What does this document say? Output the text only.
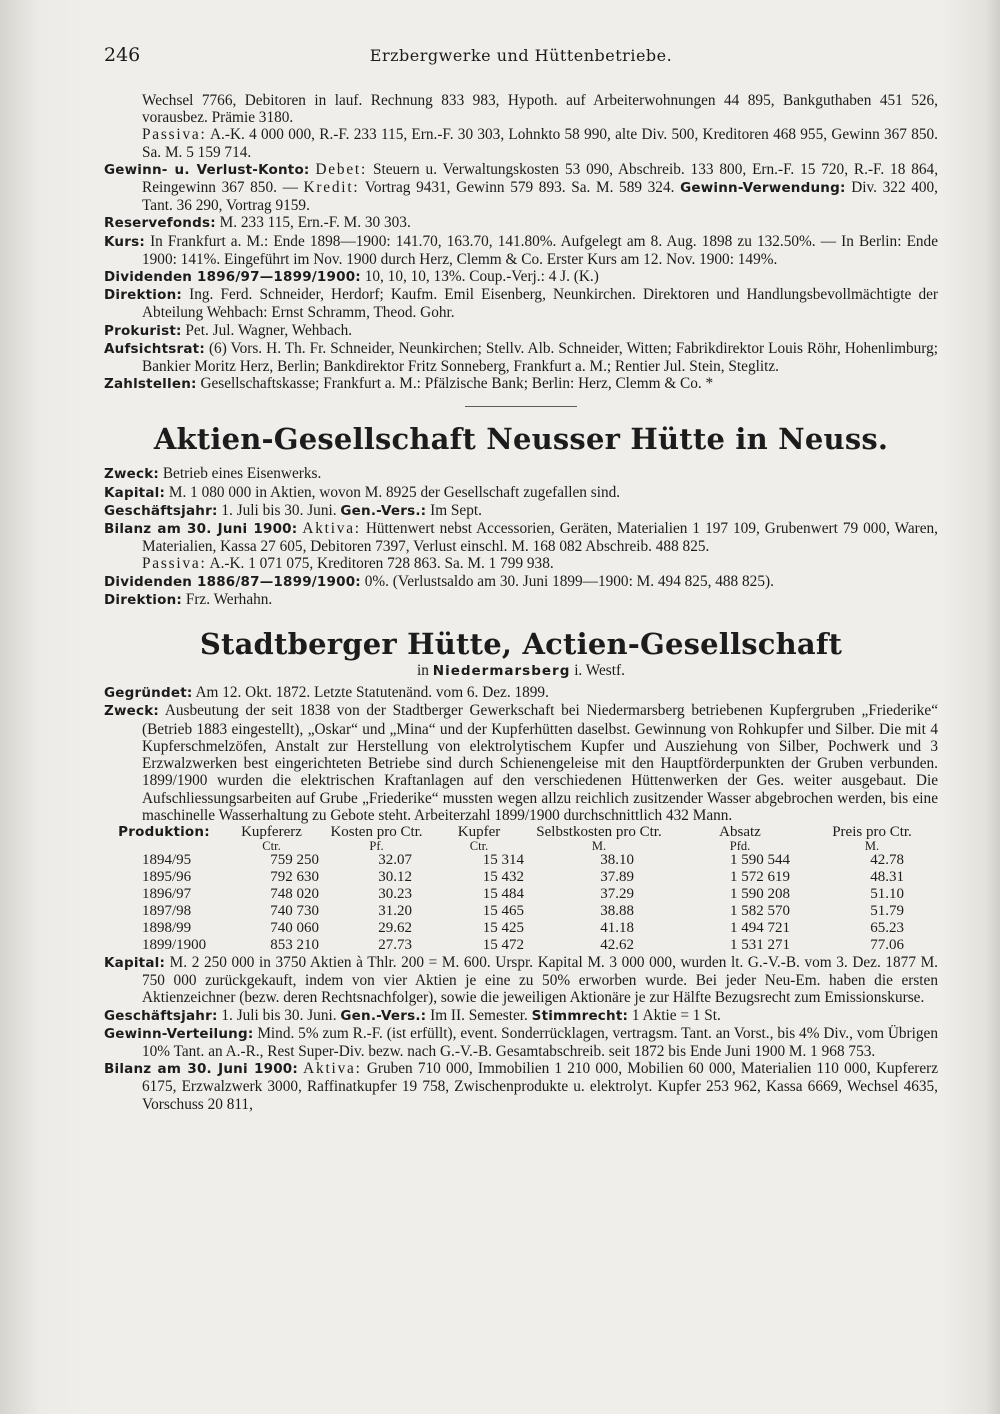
246	Erzbergwerke und Hüttenbetriebe.

Wechsel 7766, Debitoren in lauf. Rechnung 833 983, Hypoth. auf Arbeiterwohnungen 44 895, Bankguthaben 451 526, vorausbez. Prämie 3180.

Passiva: A.-K. 4 000 000, R.-F. 233 115, Ern.-F. 30 303, Lohnkto 58 990, alte Div. 500, Kreditoren 468 955, Gewinn 367 850. Sa. M. 5 159 714.

Gewinn- u. Verlust-Konto: Debet: Steuern u. Verwaltungskosten 53 090, Abschreib. 133 800, Ern.-F. 15 720, R.-F. 18 864, Reingewinn 367 850. — Kredit: Vortrag 9431, Gewinn 579 893. Sa. M. 589 324. Gewinn-Verwendung: Div. 322 400, Tant. 36 290, Vortrag 9159.

Reservefonds: M. 233 115, Ern.-F. M. 30 303.

Kurs: In Frankfurt a. M.: Ende 1898—1900: 141.70, 163.70, 141.80%. Aufgelegt am 8. Aug. 1898 zu 132.50%. — In Berlin: Ende 1900: 141%. Eingeführt im Nov. 1900 durch Herz, Clemm & Co. Erster Kurs am 12. Nov. 1900: 149%.

Dividenden 1896/97—1899/1900: 10, 10, 10, 13%. Coup.-Verj.: 4 J. (K.)

Direktion: Ing. Ferd. Schneider, Herdorf; Kaufm. Emil Eisenberg, Neunkirchen. Direktoren und Handlungsbevollmächtigte der Abteilung Wehbach: Ernst Schramm, Theod. Gohr.

Prokurist: Pet. Jul. Wagner, Wehbach.

Aufsichtsrat: (6) Vors. H. Th. Fr. Schneider, Neunkirchen; Stellv. Alb. Schneider, Witten; Fabrikdirektor Louis Röhr, Hohenlimburg; Bankier Moritz Herz, Berlin; Bankdirektor Fritz Sonneberg, Frankfurt a. M.; Rentier Jul. Stein, Steglitz.

Zahlstellen: Gesellschaftskasse; Frankfurt a. M.: Pfälzische Bank; Berlin: Herz, Clemm & Co. *

Aktien-Gesellschaft Neusser Hütte in Neuss.

Zweck: Betrieb eines Eisenwerks.

Kapital: M. 1 080 000 in Aktien, wovon M. 8925 der Gesellschaft zugefallen sind.

Geschäftsjahr: 1. Juli bis 30. Juni. Gen.-Vers.: Im Sept.

Bilanz am 30. Juni 1900: Aktiva: Hüttenwert nebst Accessorien, Geräten, Materialien 1 197 109, Grubenwert 79 000, Waren, Materialien, Kassa 27 605, Debitoren 7397, Verlust einschl. M. 168 082 Abschreib. 488 825.

Passiva: A.-K. 1 071 075, Kreditoren 728 863. Sa. M. 1 799 938.

Dividenden 1886/87—1899/1900: 0%. (Verlustsaldo am 30. Juni 1899—1900: M. 494 825, 488 825).

Direktion: Frz. Werhahn.

Stadtberger Hütte, Actien-Gesellschaft
in Niedermarsberg i. Westf.

Gegründet: Am 12. Okt. 1872. Letzte Statutenänd. vom 6. Dez. 1899.

Zweck: Ausbeutung der seit 1838 von der Stadtberger Gewerkschaft bei Niedermarsberg betriebenen Kupfergruben „Friederike“ (Betrieb 1883 eingestellt), „Oskar“ und „Mina“ und der Kupferhütten daselbst. Gewinnung von Rohkupfer und Silber. Die mit 4 Kupferschmelzöfen, Anstalt zur Herstellung von elektrolytischem Kupfer und Ausziehung von Silber, Pochwerk und 3 Erzwalzwerken best eingerichteten Betriebe sind durch Schienengeleise mit den Hauptförderpunkten der Gruben verbunden. 1899/1900 wurden die elektrischen Kraftanlagen auf den verschiedenen Hüttenwerken der Ges. weiter ausgebaut. Die Aufschliessungsarbeiten auf Grube „Friederike“ mussten wegen allzu reichlich zusitzender Wasser abgebrochen werden, bis eine maschinelle Wasserhaltung zu Gebote steht. Arbeiterzahl 1899/1900 durchschnittlich 432 Mann.

Produktion:	Kupfererz	Kosten pro Ctr.	Kupfer	Selbstkosten pro Ctr.	Absatz	Preis pro Ctr.
	Ctr.	Pf.	Ctr.	M.	Pfd.	M.
1894/95	759 250	32.07	15 314	38.10	1 590 544	42.78
1895/96	792 630	30.12	15 432	37.89	1 572 619	48.31
1896/97	748 020	30.23	15 484	37.29	1 590 208	51.10
1897/98	740 730	31.20	15 465	38.88	1 582 570	51.79
1898/99	740 060	29.62	15 425	41.18	1 494 721	65.23
1899/1900	853 210	27.73	15 472	42.62	1 531 271	77.06

Kapital: M. 2 250 000 in 3750 Aktien à Thlr. 200 = M. 600. Urspr. Kapital M. 3 000 000, wurden lt. G.-V.-B. vom 3. Dez. 1877 M. 750 000 zurückgekauft, indem von vier Aktien je eine zu 50% erworben wurde. Bei jeder Neu-Em. haben die ersten Aktienzeichner (bezw. deren Rechtsnachfolger), sowie die jeweiligen Aktionäre je zur Hälfte Bezugsrecht zum Emissionskurse.

Geschäftsjahr: 1. Juli bis 30. Juni. Gen.-Vers.: Im II. Semester. Stimmrecht: 1 Aktie = 1 St.

Gewinn-Verteilung: Mind. 5% zum R.-F. (ist erfüllt), event. Sonderrücklagen, vertragsm. Tant. an Vorst., bis 4% Div., vom Übrigen 10% Tant. an A.-R., Rest Super-Div. bezw. nach G.-V.-B. Gesamtabschreib. seit 1872 bis Ende Juni 1900 M. 1 968 753.

Bilanz am 30. Juni 1900: Aktiva: Gruben 710 000, Immobilien 1 210 000, Mobilien 60 000, Materialien 110 000, Kupfererz 6175, Erzwalzwerk 3000, Raffinatkupfer 19 758, Zwischenprodukte u. elektrolyt. Kupfer 253 962, Kassa 6669, Wechsel 4635, Vorschuss 20 811,
